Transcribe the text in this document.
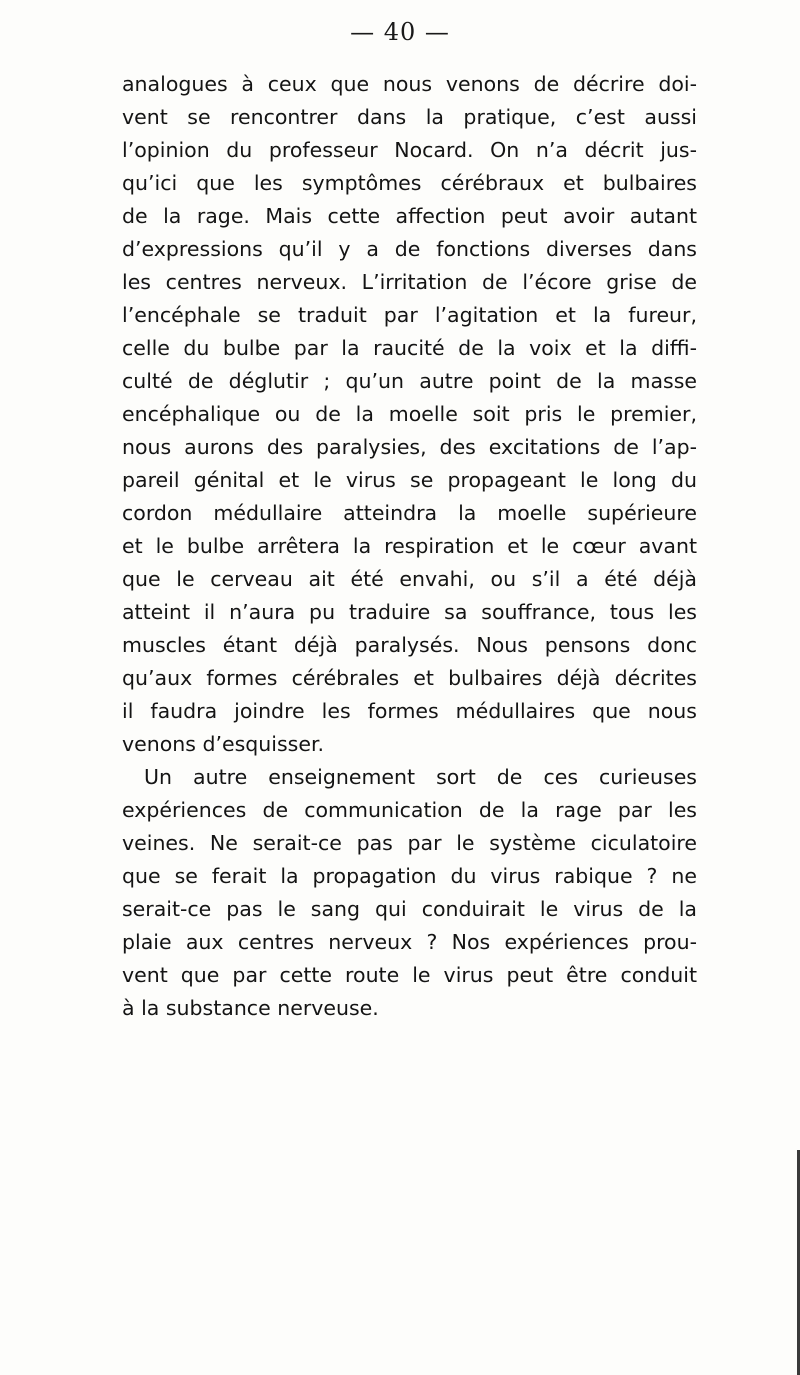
— 40 —
analogues à ceux que nous venons de décrire doi-
vent se rencontrer dans la pratique, c’est aussi
l’opinion du professeur Nocard. On n’a décrit jus-
qu’ici que les symptômes cérébraux et bulbaires
de la rage. Mais cette affection peut avoir autant
d’expressions qu’il y a de fonctions diverses dans
les centres nerveux. L’irritation de l’écore grise de
l’encéphale se traduit par l’agitation et la fureur,
celle du bulbe par la raucité de la voix et la diffi-
culté de déglutir ; qu’un autre point de la masse
encéphalique ou de la moelle soit pris le premier,
nous aurons des paralysies, des excitations de l’ap-
pareil génital et le virus se propageant le long du
cordon médullaire atteindra la moelle supérieure
et le bulbe arrêtera la respiration et le cœur avant
que le cerveau ait été envahi, ou s’il a été déjà
atteint il n’aura pu traduire sa souffrance, tous les
muscles étant déjà paralysés. Nous pensons donc
qu’aux formes cérébrales et bulbaires déjà décrites
il faudra joindre les formes médullaires que nous
venons d’esquisser.
Un autre enseignement sort de ces curieuses
expériences de communication de la rage par les
veines. Ne serait-ce pas par le système ciculatoire
que se ferait la propagation du virus rabique ? ne
serait-ce pas le sang qui conduirait le virus de la
plaie aux centres nerveux ? Nos expériences prou-
vent que par cette route le virus peut être conduit
à la substance nerveuse.
